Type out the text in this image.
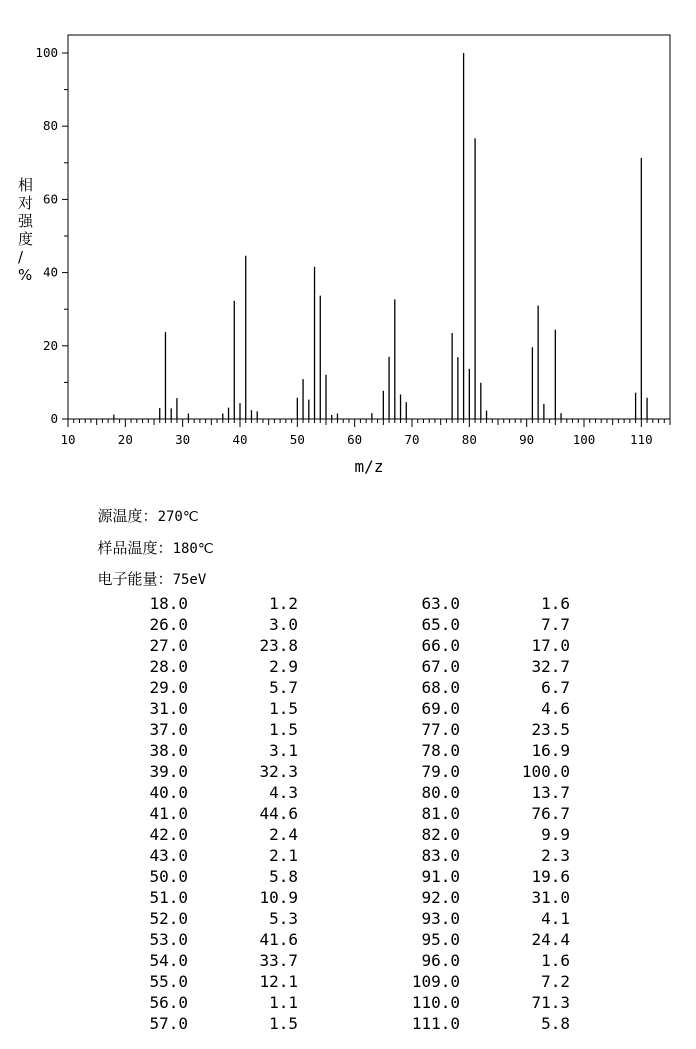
0
20
40
60
80
100
10	20	30	40	50	60	70	80	90	100	110
相对强度/ %
m/z

源温度：270℃

样品温度：180℃

电子能量：75eV

18.0	1.2
26.0	3.0
27.0	23.8
28.0	2.9
29.0	5.7
31.0	1.5
37.0	1.5
38.0	3.1
39.0	32.3
40.0	4.3
41.0	44.6
42.0	2.4
43.0	2.1
50.0	5.8
51.0	10.9
52.0	5.3
53.0	41.6
54.0	33.7
55.0	12.1
56.0	1.1
57.0	1.5
63.0	1.6
65.0	7.7
66.0	17.0
67.0	32.7
68.0	6.7
69.0	4.6
77.0	23.5
78.0	16.9
79.0	100.0
80.0	13.7
81.0	76.7
82.0	9.9
83.0	2.3
91.0	19.6
92.0	31.0
93.0	4.1
95.0	24.4
96.0	1.6
109.0	7.2
110.0	71.3
111.0	5.8
